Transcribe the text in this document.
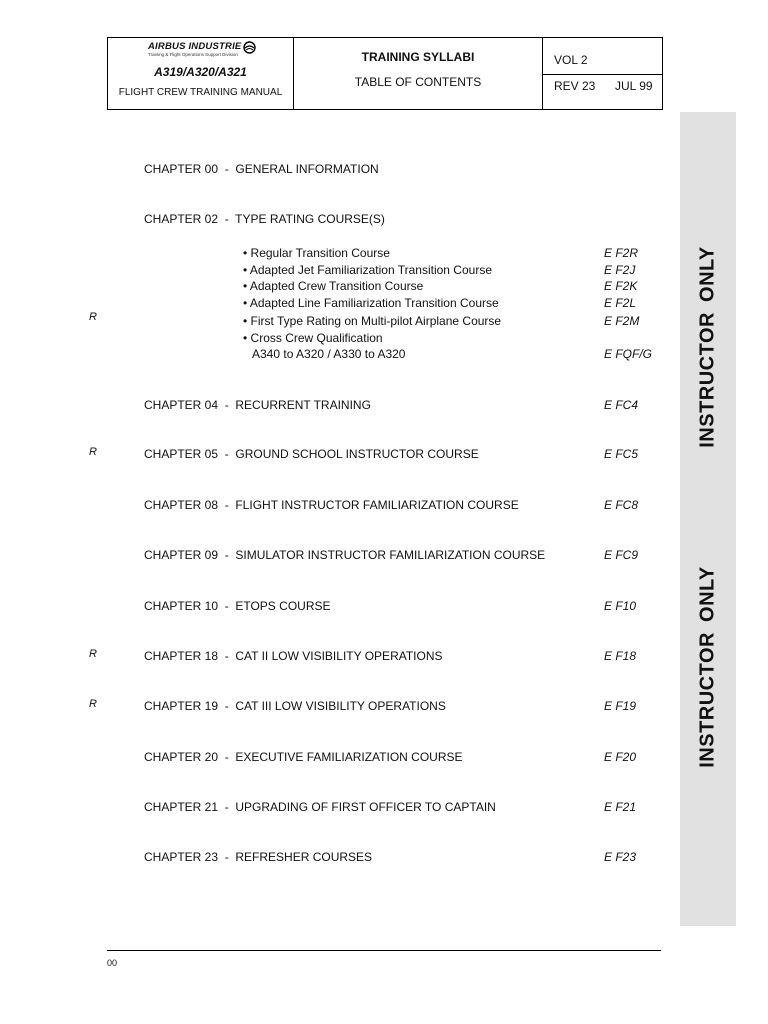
AIRBUS INDUSTRIE
Training & Flight Operations Support Division
A319/A320/A321
FLIGHT CREW TRAINING MANUAL
TRAINING SYLLABI
TABLE OF CONTENTS
VOL 2
REV 23 JUL 99
INSTRUCTOR ONLY
INSTRUCTOR ONLY
R
R
R
R
CHAPTER 00  -  GENERAL INFORMATION
CHAPTER 02  -  TYPE RATING COURSE(S)
• Regular Transition Course	E F2R
• Adapted Jet Familiarization Transition Course	E F2J
• Adapted Crew Transition Course	E F2K
• Adapted Line Familiarization Transition Course	E F2L
• First Type Rating on Multi-pilot Airplane Course	E F2M
• Cross Crew Qualification
A340 to A320 / A330 to A320	E FQF/G
CHAPTER 04  -  RECURRENT TRAINING	E FC4
CHAPTER 05  -  GROUND SCHOOL INSTRUCTOR COURSE	E FC5
CHAPTER 08  -  FLIGHT INSTRUCTOR FAMILIARIZATION COURSE	E FC8
CHAPTER 09  -  SIMULATOR INSTRUCTOR FAMILIARIZATION COURSE	E FC9
CHAPTER 10  -  ETOPS COURSE	E F10
CHAPTER 18  -  CAT II LOW VISIBILITY OPERATIONS	E F18
CHAPTER 19  -  CAT III LOW VISIBILITY OPERATIONS	E F19
CHAPTER 20  -  EXECUTIVE FAMILIARIZATION COURSE	E F20
CHAPTER 21  -  UPGRADING OF FIRST OFFICER TO CAPTAIN	E F21
CHAPTER 23  -  REFRESHER COURSES	E F23
00
